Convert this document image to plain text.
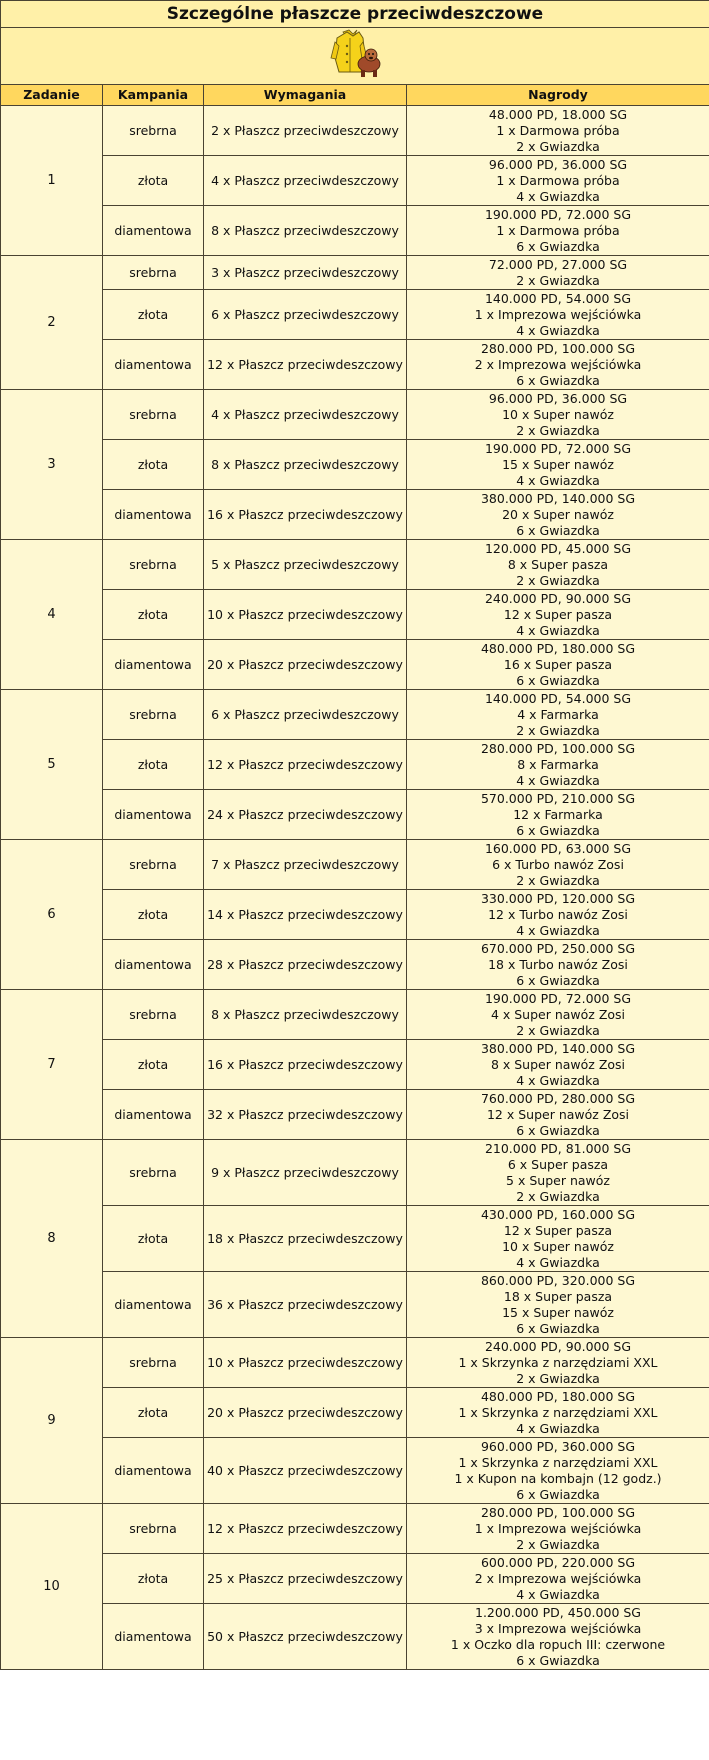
Szczególne płaszcze przeciwdeszczowe			

Zadanie	Kampania	Wymagania	Nagrody
1	srebrna	2 x Płaszcz przeciwdeszczowy	48.000 PD, 18.000 SG
1 x Darmowa próba
2 x Gwiazdka

	złota	4 x Płaszcz przeciwdeszczowy	96.000 PD, 36.000 SG
1 x Darmowa próba
4 x Gwiazdka

	diamentowa	8 x Płaszcz przeciwdeszczowy	190.000 PD, 72.000 SG
1 x Darmowa próba
6 x Gwiazdka

2	srebrna	3 x Płaszcz przeciwdeszczowy	72.000 PD, 27.000 SG
2 x Gwiazdka

	złota	6 x Płaszcz przeciwdeszczowy	140.000 PD, 54.000 SG
1 x Imprezowa wejściówka
4 x Gwiazdka

	diamentowa	12 x Płaszcz przeciwdeszczowy	280.000 PD, 100.000 SG
2 x Imprezowa wejściówka
6 x Gwiazdka

3	srebrna	4 x Płaszcz przeciwdeszczowy	96.000 PD, 36.000 SG
10 x Super nawóz
2 x Gwiazdka

	złota	8 x Płaszcz przeciwdeszczowy	190.000 PD, 72.000 SG
15 x Super nawóz
4 x Gwiazdka

	diamentowa	16 x Płaszcz przeciwdeszczowy	380.000 PD, 140.000 SG
20 x Super nawóz
6 x Gwiazdka

4	srebrna	5 x Płaszcz przeciwdeszczowy	120.000 PD, 45.000 SG
8 x Super pasza
2 x Gwiazdka

	złota	10 x Płaszcz przeciwdeszczowy	240.000 PD, 90.000 SG
12 x Super pasza
4 x Gwiazdka

	diamentowa	20 x Płaszcz przeciwdeszczowy	480.000 PD, 180.000 SG
16 x Super pasza
6 x Gwiazdka

5	srebrna	6 x Płaszcz przeciwdeszczowy	140.000 PD, 54.000 SG
4 x Farmarka
2 x Gwiazdka

	złota	12 x Płaszcz przeciwdeszczowy	280.000 PD, 100.000 SG
8 x Farmarka
4 x Gwiazdka

	diamentowa	24 x Płaszcz przeciwdeszczowy	570.000 PD, 210.000 SG
12 x Farmarka
6 x Gwiazdka

6	srebrna	7 x Płaszcz przeciwdeszczowy	160.000 PD, 63.000 SG
6 x Turbo nawóz Zosi
2 x Gwiazdka

	złota	14 x Płaszcz przeciwdeszczowy	330.000 PD, 120.000 SG
12 x Turbo nawóz Zosi
4 x Gwiazdka

	diamentowa	28 x Płaszcz przeciwdeszczowy	670.000 PD, 250.000 SG
18 x Turbo nawóz Zosi
6 x Gwiazdka

7	srebrna	8 x Płaszcz przeciwdeszczowy	190.000 PD, 72.000 SG
4 x Super nawóz Zosi
2 x Gwiazdka

	złota	16 x Płaszcz przeciwdeszczowy	380.000 PD, 140.000 SG
8 x Super nawóz Zosi
4 x Gwiazdka

	diamentowa	32 x Płaszcz przeciwdeszczowy	760.000 PD, 280.000 SG
12 x Super nawóz Zosi
6 x Gwiazdka

8	srebrna	9 x Płaszcz przeciwdeszczowy	210.000 PD, 81.000 SG
6 x Super pasza
5 x Super nawóz
2 x Gwiazdka

	złota	18 x Płaszcz przeciwdeszczowy	430.000 PD, 160.000 SG
12 x Super pasza
10 x Super nawóz
4 x Gwiazdka

	diamentowa	36 x Płaszcz przeciwdeszczowy	860.000 PD, 320.000 SG
18 x Super pasza
15 x Super nawóz
6 x Gwiazdka

9	srebrna	10 x Płaszcz przeciwdeszczowy	240.000 PD, 90.000 SG
1 x Skrzynka z narzędziami XXL
2 x Gwiazdka

	złota	20 x Płaszcz przeciwdeszczowy	480.000 PD, 180.000 SG
1 x Skrzynka z narzędziami XXL
4 x Gwiazdka

	diamentowa	40 x Płaszcz przeciwdeszczowy	960.000 PD, 360.000 SG
1 x Skrzynka z narzędziami XXL
1 x Kupon na kombajn (12 godz.)
6 x Gwiazdka

10	srebrna	12 x Płaszcz przeciwdeszczowy	280.000 PD, 100.000 SG
1 x Imprezowa wejściówka
2 x Gwiazdka

	złota	25 x Płaszcz przeciwdeszczowy	600.000 PD, 220.000 SG
2 x Imprezowa wejściówka
4 x Gwiazdka

	diamentowa	50 x Płaszcz przeciwdeszczowy	1.200.000 PD, 450.000 SG
3 x Imprezowa wejściówka
1 x Oczko dla ropuch III: czerwone
6 x Gwiazdka
